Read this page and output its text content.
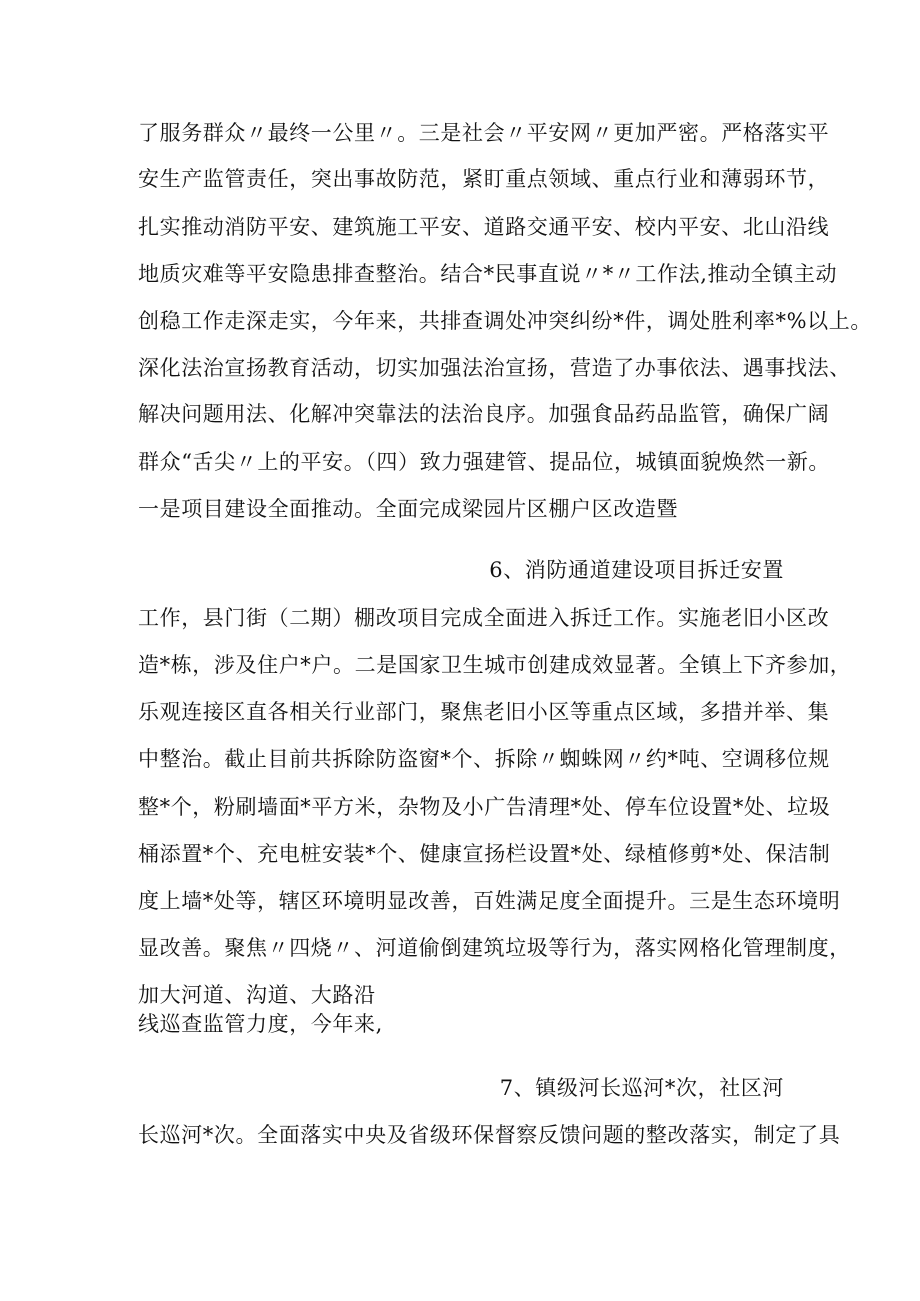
了服务群众〃最终一公里〃。三是社会〃平安网〃更加严密。严格落实平
安生产监管责任，突出事故防范，紧盯重点领域、重点行业和薄弱环节，
扎实推动消防平安、建筑施工平安、道路交通平安、校内平安、北山沿线
地质灾难等平安隐患排查整治。结合*民事直说〃*〃工作法,推动全镇主动
创稳工作走深走实，今年来，共排查调处冲突纠纷*件，调处胜利率*%以上。
深化法治宣扬教育活动，切实加强法治宣扬，营造了办事依法、遇事找法、
解决问题用法、化解冲突靠法的法治良序。加强食品药品监管，确保广阔
群众“舌尖〃上的平安。（四）致力强建管、提品位，城镇面貌焕然一新。
一是项目建设全面推动。全面完成梁园片区棚户区改造暨
6、消防通道建设项目拆迁安置
工作，县门街（二期）棚改项目完成全面进入拆迁工作。实施老旧小区改
造*栋，涉及住户*户。二是国家卫生城市创建成效显著。全镇上下齐参加，
乐观连接区直各相关行业部门，聚焦老旧小区等重点区域，多措并举、集
中整治。截止目前共拆除防盗窗*个、拆除〃蜘蛛网〃约*吨、空调移位规
整*个，粉刷墙面*平方米，杂物及小广告清理*处、停车位设置*处、垃圾
桶添置*个、充电桩安装*个、健康宣扬栏设置*处、绿植修剪*处、保洁制
度上墙*处等，辖区环境明显改善，百姓满足度全面提升。三是生态环境明
显改善。聚焦〃四烧〃、河道偷倒建筑垃圾等行为，落实网格化管理制度，
加大河道、沟道、大路沿
线巡查监管力度，今年来,
7、镇级河长巡河*次，社区河
长巡河*次。全面落实中央及省级环保督察反馈问题的整改落实，制定了具
